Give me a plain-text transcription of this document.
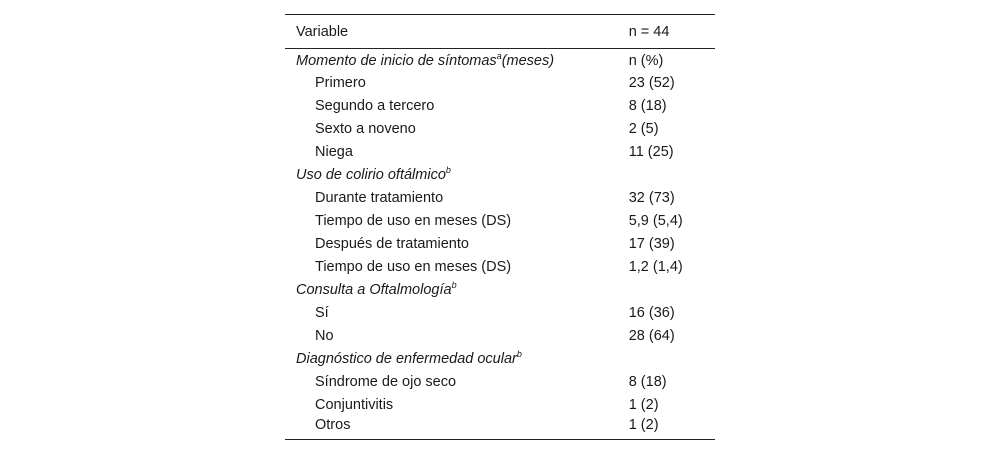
Variable	n = 44
Momento de inicio de síntomas$^a$(meses)	n (%)
Primero	23 (52)
Segundo a tercero	8 (18)
Sexto a noveno	2 (5)
Niega	11 (25)
Uso de colirio oftálmico$^b$	
Durante tratamiento	32 (73)
Tiempo de uso en meses (DS)	5,9 (5,4)
Después de tratamiento	17 (39)
Tiempo de uso en meses (DS)	1,2 (1,4)
Consulta a Oftalmología$^b$	
Sí	16 (36)
No	28 (64)
Diagnóstico de enfermedad ocular$^b$	
Síndrome de ojo seco	8 (18)
Conjuntivitis	1 (2)
Otros	1 (2)
